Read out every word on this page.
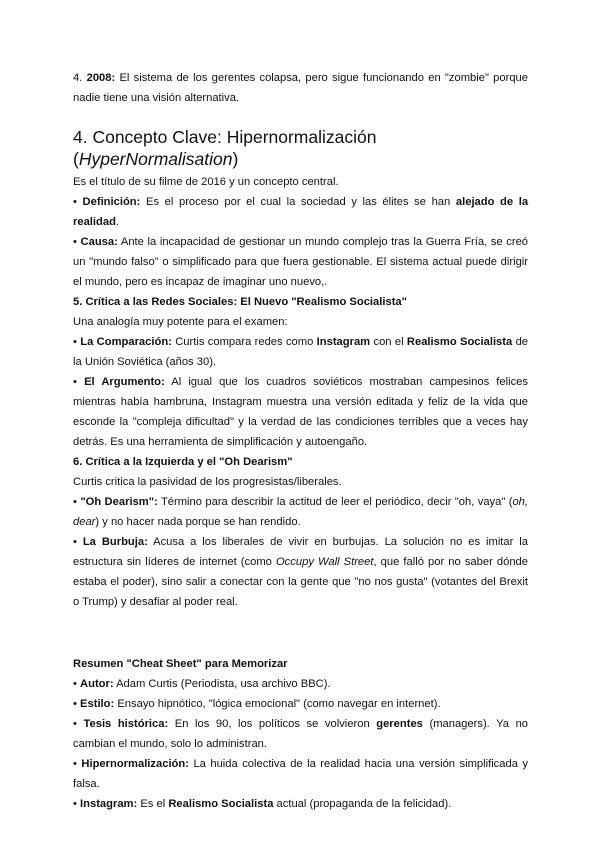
4. 2008: El sistema de los gerentes colapsa, pero sigue funcionando en "zombie" porque nadie tiene una visión alternativa.

4. Concepto Clave: Hipernormalización (HyperNormalisation)

Es el título de su filme de 2016 y un concepto central.

• Definición: Es el proceso por el cual la sociedad y las élites se han alejado de la realidad.

• Causa: Ante la incapacidad de gestionar un mundo complejo tras la Guerra Fría, se creó un "mundo falso" o simplificado para que fuera gestionable. El sistema actual puede dirigir el mundo, pero es incapaz de imaginar uno nuevo,.

5. Crítica a las Redes Sociales: El Nuevo "Realismo Socialista"

Una analogía muy potente para el examen:

• La Comparación: Curtis compara redes como Instagram con el Realismo Socialista de la Unión Soviética (años 30).

• El Argumento: Al igual que los cuadros soviéticos mostraban campesinos felices mientras había hambruna, Instagram muestra una versión editada y feliz de la vida que esconde la "compleja dificultad" y la verdad de las condiciones terribles que a veces hay detrás. Es una herramienta de simplificación y autoengaño.

6. Crítica a la Izquierda y el "Oh Dearism"

Curtis critica la pasividad de los progresistas/liberales.

• "Oh Dearism": Término para describir la actitud de leer el periódico, decir "oh, vaya" (oh, dear) y no hacer nada porque se han rendido.

• La Burbuja: Acusa a los liberales de vivir en burbujas. La solución no es imitar la estructura sin líderes de internet (como Occupy Wall Street, que falló por no saber dónde estaba el poder), sino salir a conectar con la gente que "no nos gusta" (votantes del Brexit o Trump) y desafiar al poder real.

Resumen "Cheat Sheet" para Memorizar

• Autor: Adam Curtis (Periodista, usa archivo BBC).

• Estilo: Ensayo hipnótico, "lógica emocional" (como navegar en internet).

• Tesis histórica: En los 90, los políticos se volvieron gerentes (managers). Ya no cambian el mundo, solo lo administran.

• Hipernormalización: La huida colectiva de la realidad hacia una versión simplificada y falsa.

• Instagram: Es el Realismo Socialista actual (propaganda de la felicidad).
